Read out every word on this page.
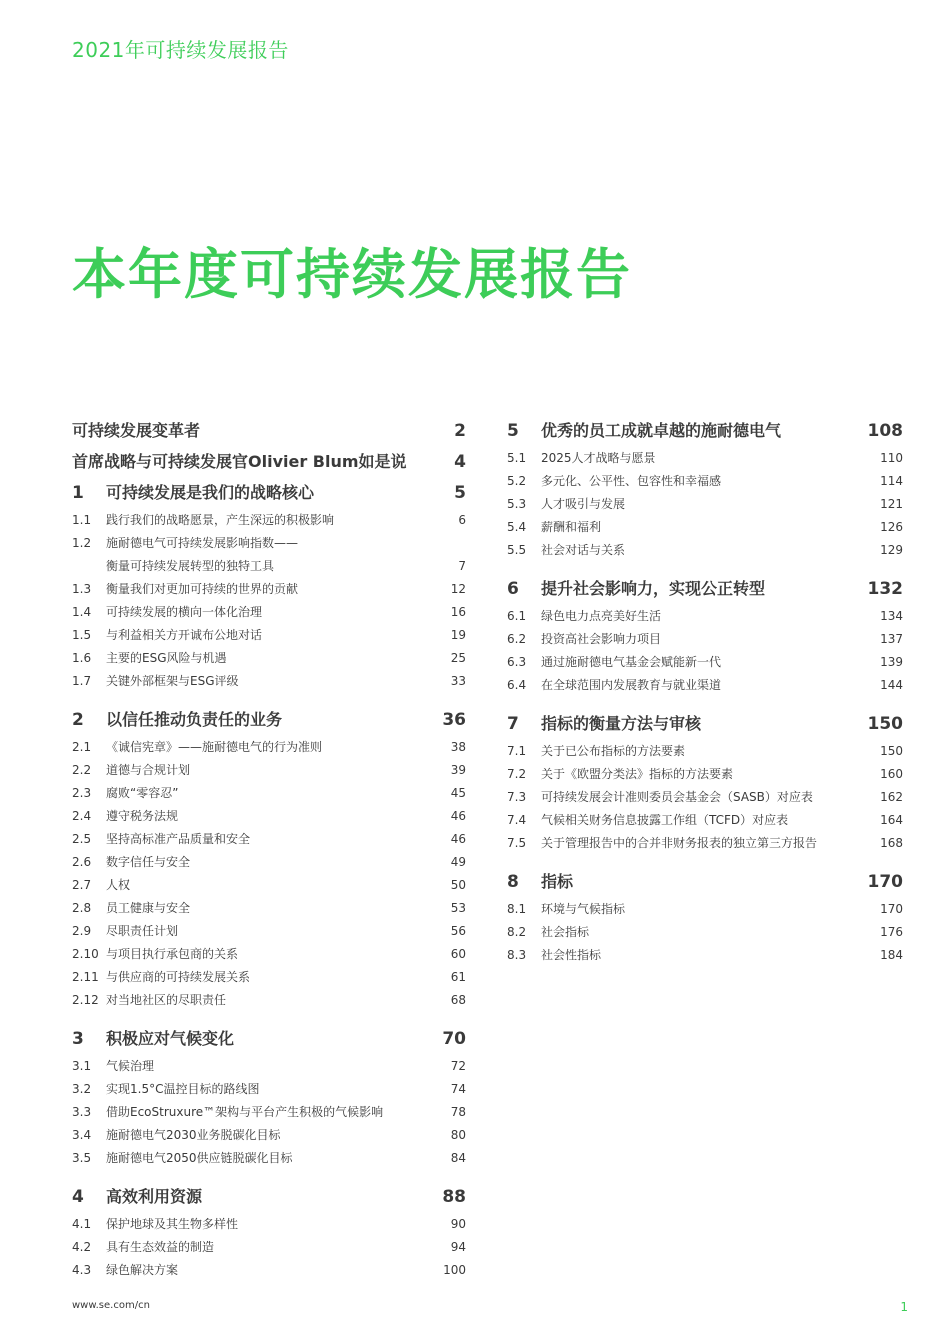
2021年可持续发展报告
本年度可持续发展报告
可持续发展变革者	2
首席战略与可持续发展官Olivier Blum如是说	4
1 可持续发展是我们的战略核心	5
1.1 践行我们的战略愿景，产生深远的积极影响	6
1.2 施耐德电气可持续发展影响指数——
衡量可持续发展转型的独特工具	7
1.3 衡量我们对更加可持续的世界的贡献	12
1.4 可持续发展的横向一体化治理	16
1.5 与利益相关方开诚布公地对话	19
1.6 主要的ESG风险与机遇	25
1.7 关键外部框架与ESG评级	33
2 以信任推动负责任的业务	36
2.1 《诚信宪章》——施耐德电气的行为准则	38
2.2 道德与合规计划	39
2.3 腐败“零容忍”	45
2.4 遵守税务法规	46
2.5 坚持高标准产品质量和安全	46
2.6 数字信任与安全	49
2.7 人权	50
2.8 员工健康与安全	53
2.9 尽职责任计划	56
2.10 与项目执行承包商的关系	60
2.11 与供应商的可持续发展关系	61
2.12 对当地社区的尽职责任	68
3 积极应对气候变化	70
3.1 气候治理	72
3.2 实现1.5°C温控目标的路线图	74
3.3 借助EcoStruxure™架构与平台产生积极的气候影响	78
3.4 施耐德电气2030业务脱碳化目标	80
3.5 施耐德电气2050供应链脱碳化目标	84
4 高效利用资源	88
4.1 保护地球及其生物多样性	90
4.2 具有生态效益的制造	94
4.3 绿色解决方案	100
5 优秀的员工成就卓越的施耐德电气	108
5.1 2025人才战略与愿景	110
5.2 多元化、公平性、包容性和幸福感	114
5.3 人才吸引与发展	121
5.4 薪酬和福利	126
5.5 社会对话与关系	129
6 提升社会影响力，实现公正转型	132
6.1 绿色电力点亮美好生活	134
6.2 投资高社会影响力项目	137
6.3 通过施耐德电气基金会赋能新一代	139
6.4 在全球范围内发展教育与就业渠道	144
7 指标的衡量方法与审核	150
7.1 关于已公布指标的方法要素	150
7.2 关于《欧盟分类法》指标的方法要素	160
7.3 可持续发展会计准则委员会基金会（SASB）对应表	162
7.4 气候相关财务信息披露工作组（TCFD）对应表	164
7.5 关于管理报告中的合并非财务报表的独立第三方报告	168
8 指标	170
8.1 环境与气候指标	170
8.2 社会指标	176
8.3 社会性指标	184
www.se.com/cn	1
